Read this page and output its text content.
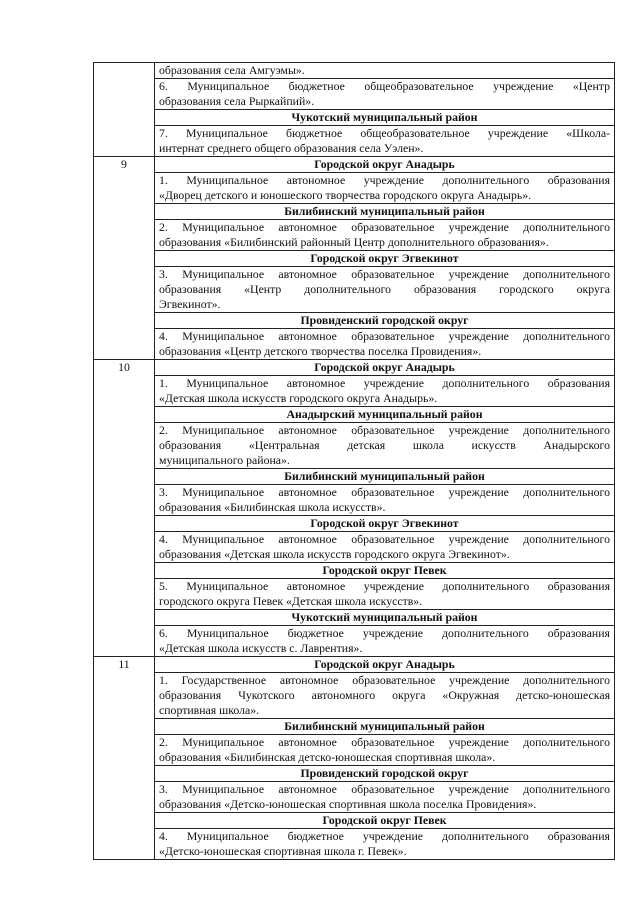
	образования села Амгуэмы».

	6. Муниципальное бюджетное общеобразовательное учреждение «Центр
образования села Рыркайпий».

	Чукотский муниципальный район

	7. Муниципальное бюджетное общеобразовательное учреждение «Школа-
интернат среднего общего образования села Уэлен».

9	Городской округ Анадырь

	1. Муниципальное автономное учреждение дополнительного образования
«Дворец детского и юношеского творчества городского округа Анадырь».

	Билибинский муниципальный район

	2. Муниципальное автономное образовательное учреждение дополнительного
образования «Билибинский районный Центр дополнительного образования».

	Городской округ Эгвекинот

	3. Муниципальное автономное образовательное учреждение дополнительного
образования «Центр дополнительного образования городского округа
Эгвекинот».

	Провиденский городской округ

	4. Муниципальное автономное образовательное учреждение дополнительного
образования «Центр детского творчества поселка Провидения».

10	Городской округ Анадырь

	1. Муниципальное автономное учреждение дополнительного образования
«Детская школа искусств городского округа Анадырь».

	Анадырский муниципальный район

	2. Муниципальное автономное образовательное учреждение дополнительного
образования «Центральная детская школа искусств Анадырского
муниципального района».

	Билибинский муниципальный район

	3. Муниципальное автономное образовательное учреждение дополнительного
образования «Билибинская школа искусств».

	Городской округ Эгвекинот

	4. Муниципальное автономное образовательное учреждение дополнительного
образования «Детская школа искусств городского округа Эгвекинот».

	Городской округ Певек

	5. Муниципальное автономное учреждение дополнительного образования
городского округа Певек «Детская школа искусств».

	Чукотский муниципальный район

	6. Муниципальное бюджетное учреждение дополнительного образования
«Детская школа искусств с. Лаврентия».

11	Городской округ Анадырь

	1. Государственное автономное образовательное учреждение дополнительного
образования Чукотского автономного округа «Окружная детско-юношеская
спортивная школа».

	Билибинский муниципальный район

	2. Муниципальное автономное образовательное учреждение дополнительного
образования «Билибинская детско-юношеская спортивная школа».

	Провиденский городской округ

	3. Муниципальное автономное образовательное учреждение дополнительного
образования «Детско-юношеская спортивная школа поселка Провидения».

	Городской округ Певек

	4. Муниципальное бюджетное учреждение дополнительного образования
«Детско-юношеская спортивная школа г. Певек».
